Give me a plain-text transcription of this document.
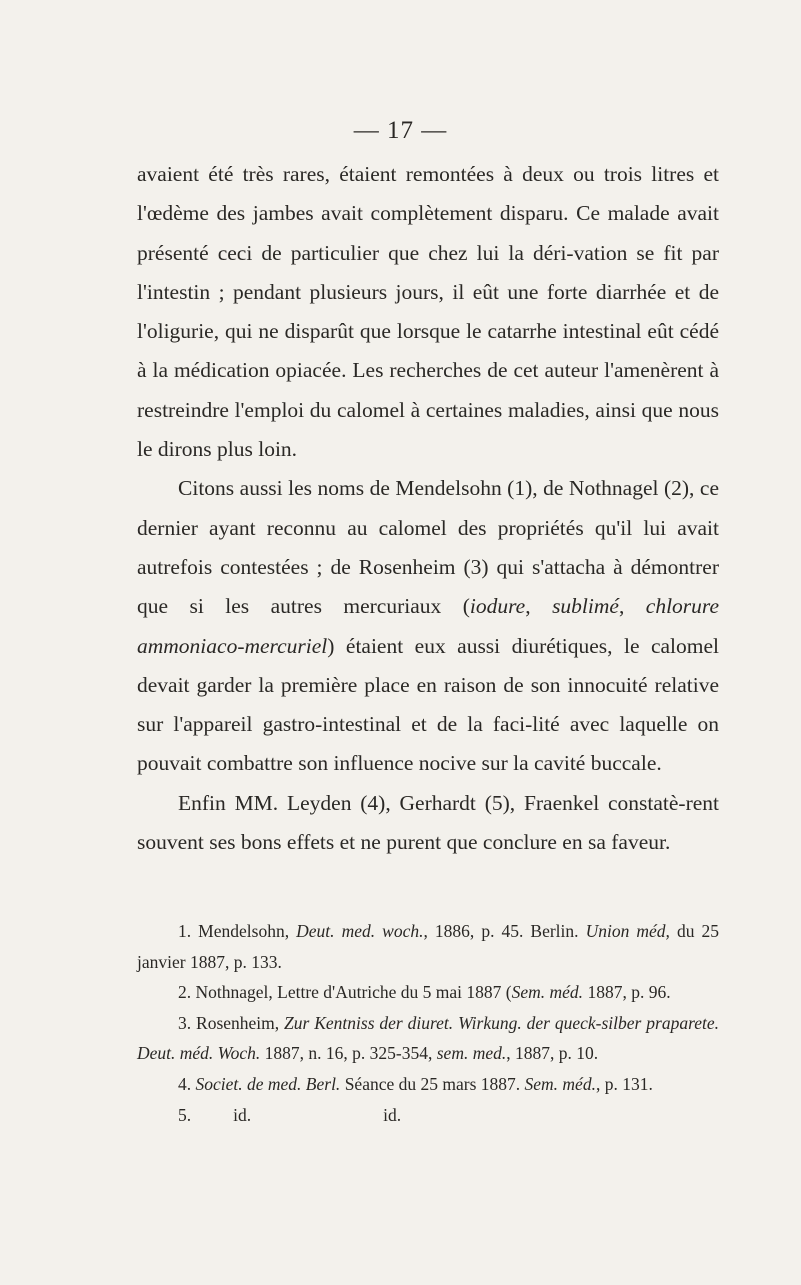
— 17 —

avaient été très rares, étaient remontées à deux ou trois litres et l'œdème des jambes avait complètement disparu. Ce malade avait présenté ceci de particulier que chez lui la déri-vation se fit par l'intestin ; pendant plusieurs jours, il eût une forte diarrhée et de l'oligurie, qui ne disparût que lorsque le catarrhe intestinal eût cédé à la médication opiacée. Les recherches de cet auteur l'amenèrent à restreindre l'emploi du calomel à certaines maladies, ainsi que nous le dirons plus loin.

Citons aussi les noms de Mendelsohn (1), de Nothnagel (2), ce dernier ayant reconnu au calomel des propriétés qu'il lui avait autrefois contestées ; de Rosenheim (3) qui s'attacha à démontrer que si les autres mercuriaux (iodure, sublimé, chlorure ammoniaco-mercuriel) étaient eux aussi diurétiques, le calomel devait garder la première place en raison de son innocuité relative sur l'appareil gastro-intestinal et de la faci-lité avec laquelle on pouvait combattre son influence nocive sur la cavité buccale.

Enfin MM. Leyden (4), Gerhardt (5), Fraenkel constatè-rent souvent ses bons effets et ne purent que conclure en sa faveur.

1. Mendelsohn, Deut. med. woch., 1886, p. 45. Berlin. Union méd, du 25 janvier 1887, p. 133.

2. Nothnagel, Lettre d'Autriche du 5 mai 1887 (Sem. méd. 1887, p. 96.

3. Rosenheim, Zur Kentniss der diuret. Wirkung. der queck-silber praparete. Deut. méd. Woch. 1887, n. 16, p. 325-354, sem. med., 1887, p. 10.

4. Societ. de med. Berl. Séance du 25 mars 1887. Sem. méd., p. 131.

5. id.	id.
